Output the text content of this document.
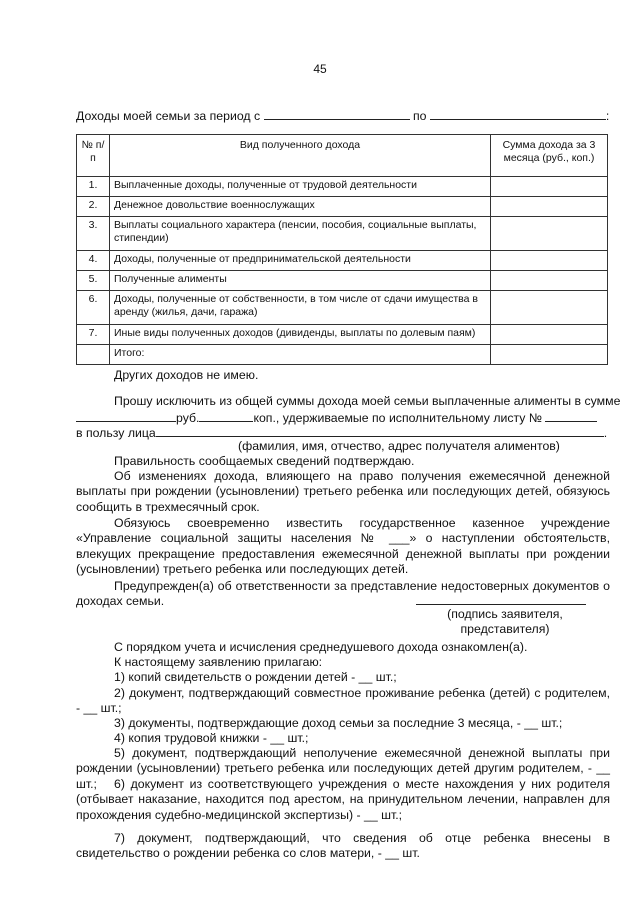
45
Доходы моей семьи за период с	по	:
№ п/п	Вид полученного дохода	Сумма дохода за 3 месяца (руб., коп.)
1.	Выплаченные доходы, полученные от трудовой деятельности	
2.	Денежное довольствие военнослужащих	
3.	Выплаты социального характера (пенсии, пособия, социальные выплаты, стипендии)	
4.	Доходы, полученные от предпринимательской деятельности	
5.	Полученные алименты	
6.	Доходы, полученные от собственности, в том числе от сдачи имущества в аренду (жилья, дачи, гаража)	
7.	Иные виды полученных доходов (дивиденды, выплаты по долевым паям)	
	Итого:	
Других доходов не имею.
Прошу исключить из общей суммы дохода моей семьи выплаченные алименты в сумме
руб.	коп., удерживаемые по исполнительному листу №
в пользу лица	.
(фамилия, имя, отчество, адрес получателя алиментов)
Правильность сообщаемых сведений подтверждаю.
Об изменениях дохода, влияющего на право получения ежемесячной денежной выплаты при рождении (усыновлении) третьего ребенка или последующих детей, обязуюсь сообщить в трехмесячный срок.
Обязуюсь своевременно известить государственное казенное учреждение «Управление социальной защиты населения № ___» о наступлении обстоятельств, влекущих прекращение предоставления ежемесячной денежной выплаты при рождении (усыновлении) третьего ребенка или последующих детей.
Предупрежден(а) об ответственности за представление недостоверных документов о доходах семьи.
(подпись заявителя, представителя)
С порядком учета и исчисления среднедушевого дохода ознакомлен(а).
К настоящему заявлению прилагаю:
1) копий свидетельств о рождении детей - __ шт.;
2) документ, подтверждающий совместное проживание ребенка (детей) с родителем, - __ шт.;
3) документы, подтверждающие доход семьи за последние 3 месяца, - __ шт.;
4) копия трудовой книжки - __ шт.;
5) документ, подтверждающий неполучение ежемесячной денежной выплаты при рождении (усыновлении) третьего ребенка или последующих детей другим родителем, - __ шт.;	6) документ из соответствующего учреждения о месте нахождения у них родителя (отбывает наказание, находится под арестом, на принудительном лечении, направлен для прохождения судебно-медицинской экспертизы) - __ шт.;
7) документ, подтверждающий, что сведения об отце ребенка внесены в свидетельство о рождении ребенка со слов матери, - __ шт.
